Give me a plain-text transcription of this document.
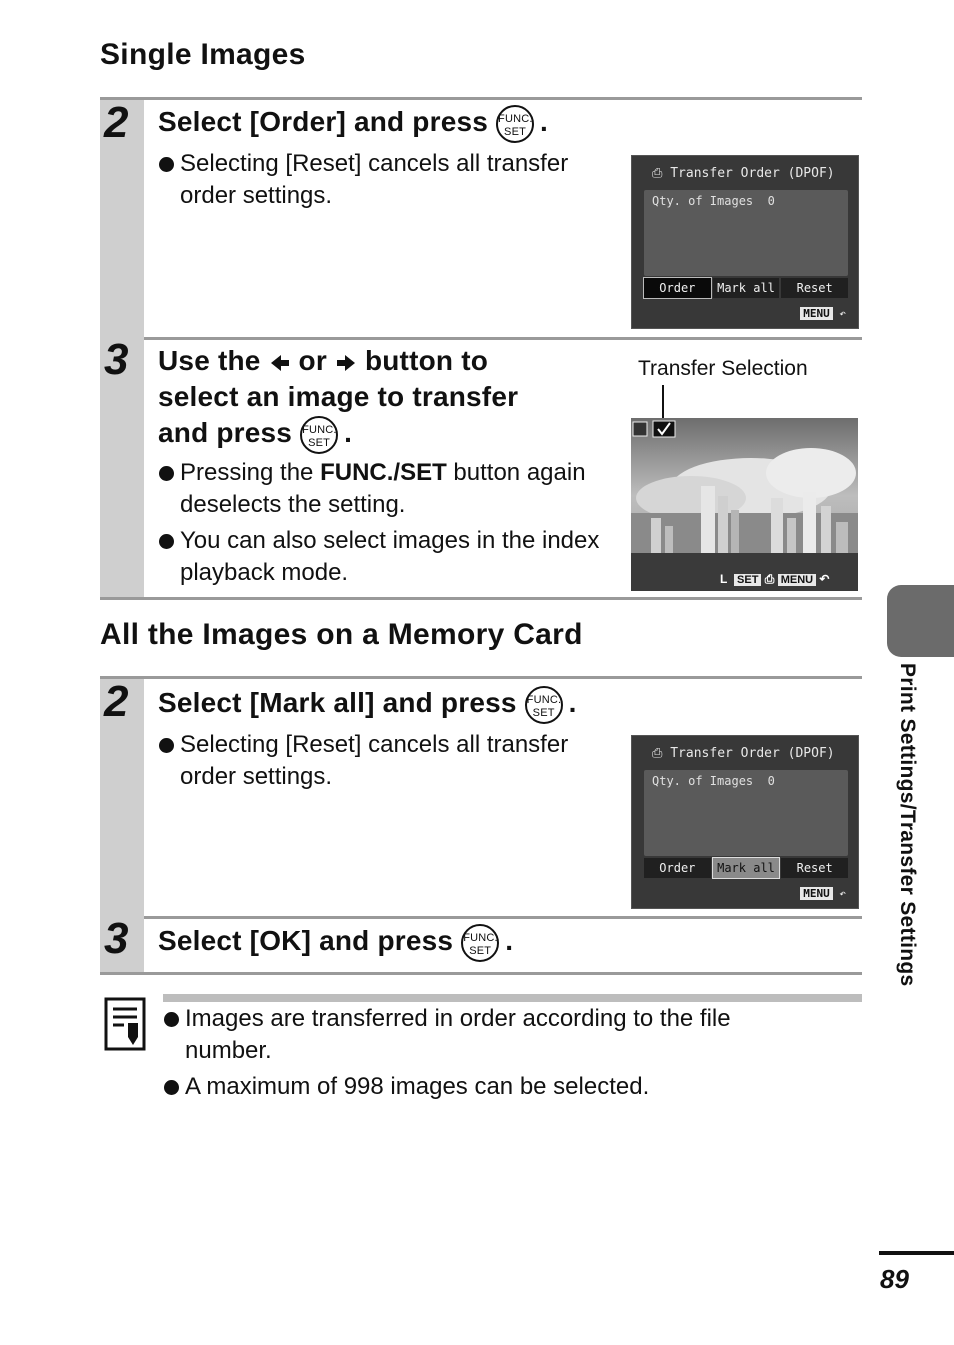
Single Images
2 Select [Order] and press FUNC.
SET .
Selecting [Reset] cancels all transfer order settings.
⎙ Transfer Order (DPOF)
Qty. of Images 0
Order	Mark all	Reset
MENU ↶
3 Use the or button to
select an image to transfer
and press FUNC.
SET .
Pressing the FUNC./SET button again deselects the setting.
You can also select images in the index playback mode.
Transfer Selection
L SET ⎙ MENU ↶
All the Images on a Memory Card
2 Select [Mark all] and press FUNC.
SET .
Selecting [Reset] cancels all transfer order settings.
⎙ Transfer Order (DPOF)
Qty. of Images 0
Order	Mark all	Reset
MENU ↶
3 Select [OK] and press FUNC.
SET .
Images are transferred in order according to the file number.
A maximum of 998 images can be selected.
Print Settings/Transfer Settings
89
